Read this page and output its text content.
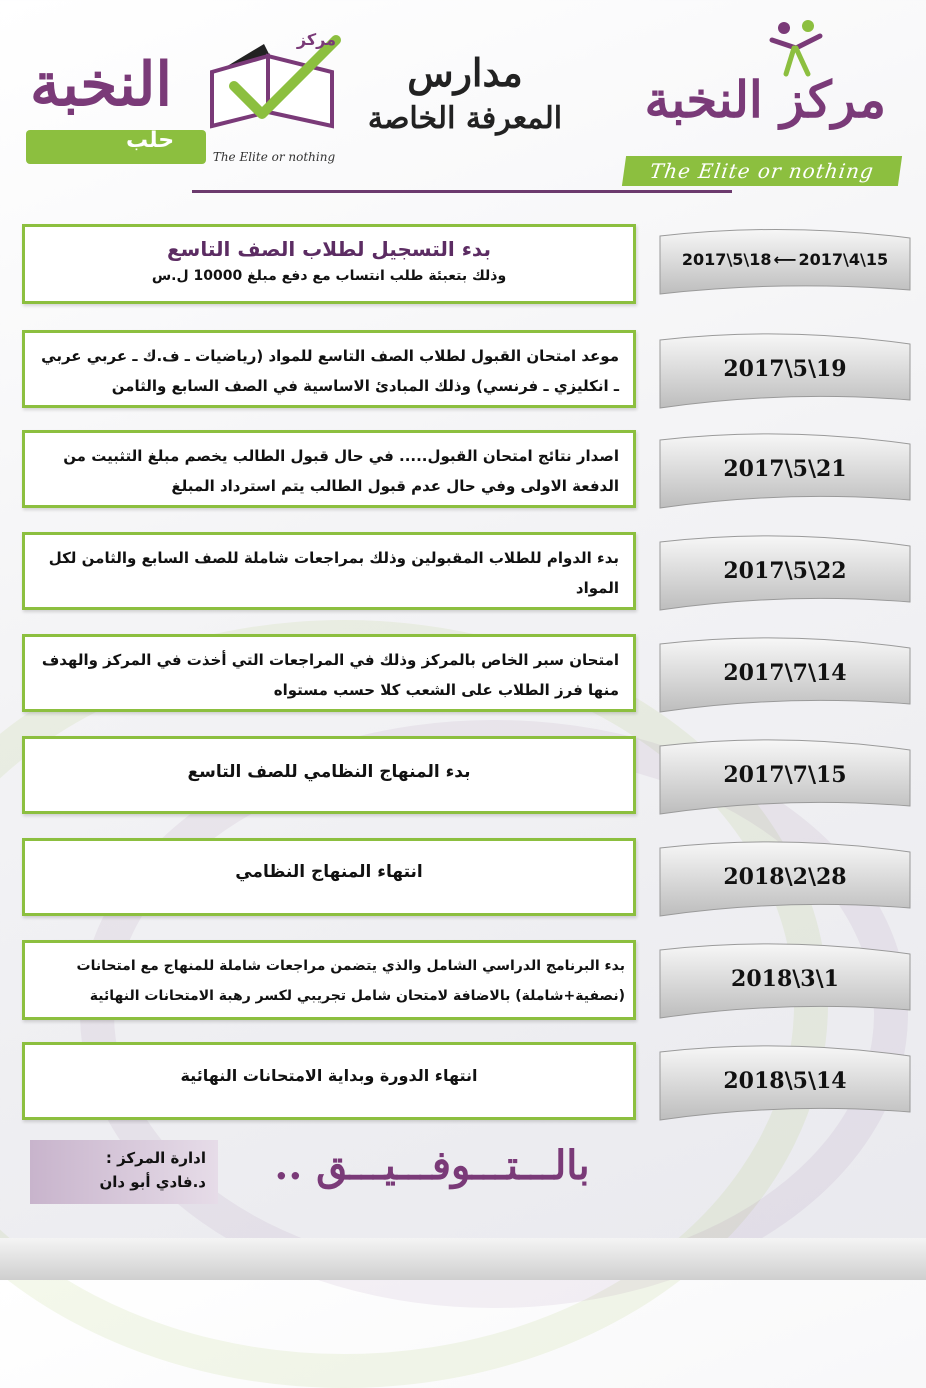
مركز النخبة
The Elite or nothing
مدارس
المعرفة الخاصة
النخبة
حلب
مركز
The Elite or nothing
بدء التسجيل لطلاب الصف التاسع
وذلك بتعبئة طلب انتساب مع دفع مبلغ 10000 ل.س
2017\5\18 ⟵ 2017\4\15
موعد امتحان القبول لطلاب الصف التاسع للمواد (رياضيات ـ ف.ك ـ عربي عربي ـ انكليزي ـ فرنسي) وذلك المبادئ الاساسية في الصف السابع والثامن
2017\5\19
اصدار نتائج امتحان القبول..... في حال قبول الطالب يخصم مبلغ التثبيت من الدفعة الاولى وفي حال عدم قبول الطالب يتم استرداد المبلغ
2017\5\21
بدء الدوام للطلاب المقبولين وذلك بمراجعات شاملة للصف السابع والثامن لكل المواد
2017\5\22
امتحان سبر الخاص بالمركز وذلك في المراجعات التي أخذت في المركز والهدف منها فرز الطلاب على الشعب كلا حسب مستواه
2017\7\14
بدء المنهاج النظامي للصف التاسع	2017\7\15
انتهاء المنهاج النظامي	2018\2\28
بدء البرنامج الدراسي الشامل والذي يتضمن مراجعات شاملة للمنهاج مع امتحانات (نصفية+شاملة) بالاضافة لامتحان شامل تجريبي لكسر رهبة الامتحانات النهائية
2018\3\1
انتهاء الدورة وبداية الامتحانات النهائية	2018\5\14
ادارة المركز :
د.فادي أبو دان	بالـــتـــوفـــيـــق ..
